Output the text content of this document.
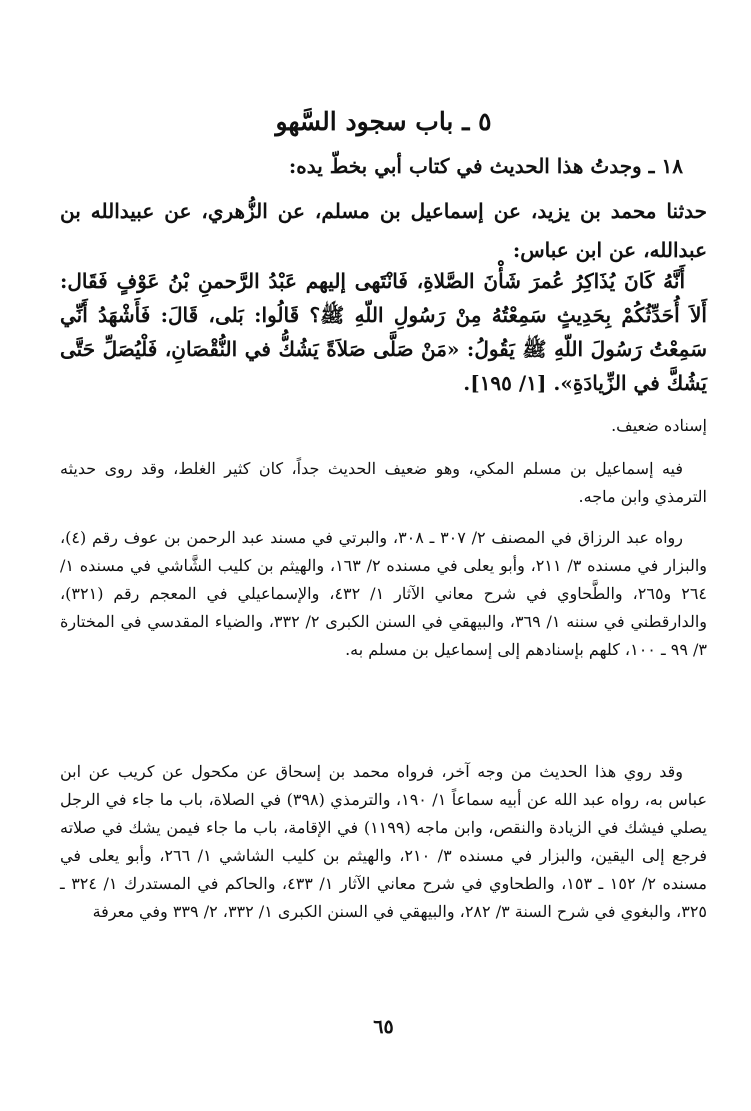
٥ ـ باب سجود السَّهو

١٨ ـ وجدتُ هذا الحديث في كتاب أبي بخطّ يده:

حدثنا محمد بن يزيد، عن إسماعيل بن مسلم، عن الزُّهري، عن عبيدالله بن عبدالله، عن ابن عباس:

أَنَّهُ كَانَ يُذَاكِرُ عُمرَ شَأْنَ الصَّلاةِ، فَانْتَهى إليهم عَبْدُ الرَّحمنِ بْنُ عَوْفٍ فَقَال: أَلاَ أُحَدِّثُكُمْ بِحَدِيثٍ سَمِعْتُهُ مِنْ رَسُولِ اللّهِ ﷺ؟ قَالُوا: بَلى، قَالَ: فَأَشْهَدُ أَنِّي سَمِعْتُ رَسُولَ اللّهِ ﷺ يَقُولُ: «مَنْ صَلَّى صَلاَةً يَشُكُّ في النُّقْصَانِ، فَلْيُصَلِّ حَتَّى يَشُكَّ في الزِّيادَةِ». [١/ ١٩٥].

إسناده ضعيف.

فيه إسماعيل بن مسلم المكي، وهو ضعيف الحديث جداً، كان كثير الغلط، وقد روى حديثه الترمذي وابن ماجه.

رواه عبد الرزاق في المصنف ٢/ ٣٠٧ ـ ٣٠٨، والبرتي في مسند عبد الرحمن بن عوف رقم (٤)، والبزار في مسنده ٣/ ٢١١، وأبو يعلى في مسنده ٢/ ١٦٣، والهيثم بن كليب الشَّاشي في مسنده ١/ ٢٦٤ و٢٦٥، والطَّحاوي في شرح معاني الآثار ١/ ٤٣٢، والإسماعيلي في المعجم رقم (٣٢١)، والدارقطني في سننه ١/ ٣٦٩، والبيهقي في السنن الكبرى ٢/ ٣٣٢، والضياء المقدسي في المختارة ٣/ ٩٩ ـ ١٠٠، كلهم بإسنادهم إلى إسماعيل بن مسلم به.

وقد روي هذا الحديث من وجه آخر، فرواه محمد بن إسحاق عن مكحول عن كريب عن ابن عباس به، رواه عبد الله عن أبيه سماعاً ١/ ١٩٠، والترمذي (٣٩٨) في الصلاة، باب ما جاء في الرجل يصلي فيشك في الزيادة والنقص، وابن ماجه (١١٩٩) في الإقامة، باب ما جاء فيمن يشك في صلاته فرجع إلى اليقين، والبزار في مسنده ٣/ ٢١٠، والهيثم بن كليب الشاشي ١/ ٢٦٦، وأبو يعلى في مسنده ٢/ ١٥٢ ـ ١٥٣، والطحاوي في شرح معاني الآثار ١/ ٤٣٣، والحاكم في المستدرك ١/ ٣٢٤ ـ ٣٢٥، والبغوي في شرح السنة ٣/ ٢٨٢، والبيهقي في السنن الكبرى ١/ ٣٣٢، ٢/ ٣٣٩ وفي معرفة

٦٥
